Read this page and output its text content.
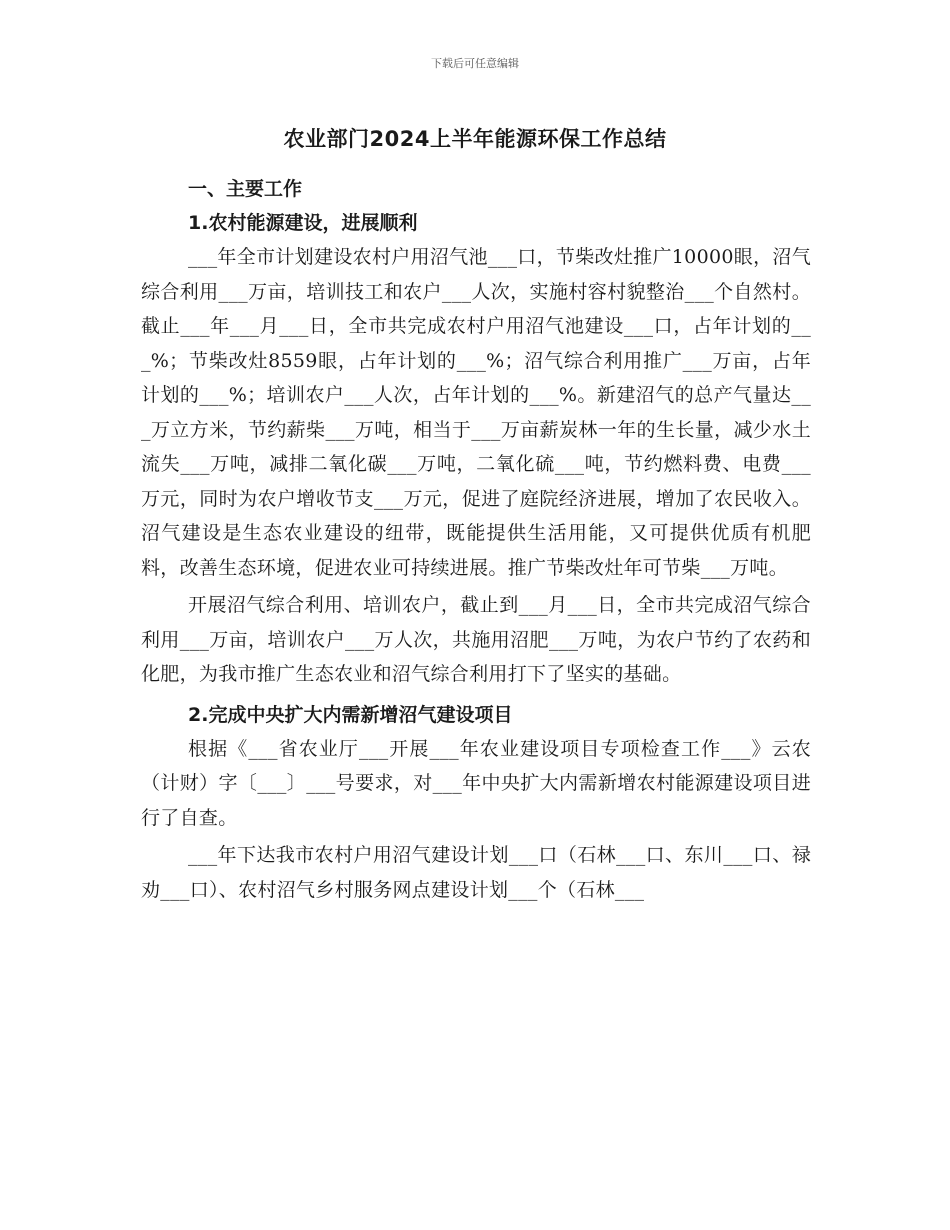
下载后可任意编辑
农业部门2024上半年能源环保工作总结
一、主要工作
1.农村能源建设，进展顺利

___年全市计划建设农村户用沼气池___口，节柴改灶推广10000眼，沼气综合利用___万亩，培训技工和农户___人次，实施村容村貌整治___个自然村。截止___年___月___日，全市共完成农村户用沼气池建设___口，占年计划的___%；节柴改灶8559眼，占年计划的___%；沼气综合利用推广___万亩，占年计划的___%；培训农户___人次，占年计划的___%。新建沼气的总产气量达___万立方米，节约薪柴___万吨，相当于___万亩薪炭林一年的生长量，减少水土流失___万吨，减排二氧化碳___万吨，二氧化硫___吨，节约燃料费、电费___万元，同时为农户增收节支___万元，促进了庭院经济进展，增加了农民收入。沼气建设是生态农业建设的纽带，既能提供生活用能，又可提供优质有机肥料，改善生态环境，促进农业可持续进展。推广节柴改灶年可节柴___万吨。

开展沼气综合利用、培训农户，截止到___月___日，全市共完成沼气综合利用___万亩，培训农户___万人次，共施用沼肥___万吨，为农户节约了农药和化肥，为我市推广生态农业和沼气综合利用打下了坚实的基础。

2.完成中央扩大内需新增沼气建设项目

根据《___省农业厅___开展___年农业建设项目专项检查工作___》云农（计财）字〔___〕___号要求，对___年中央扩大内需新增农村能源建设项目进行了自查。

___年下达我市农村户用沼气建设计划___口（石林___口、东川___口、禄劝___口）、农村沼气乡村服务网点建设计划___个（石林___
